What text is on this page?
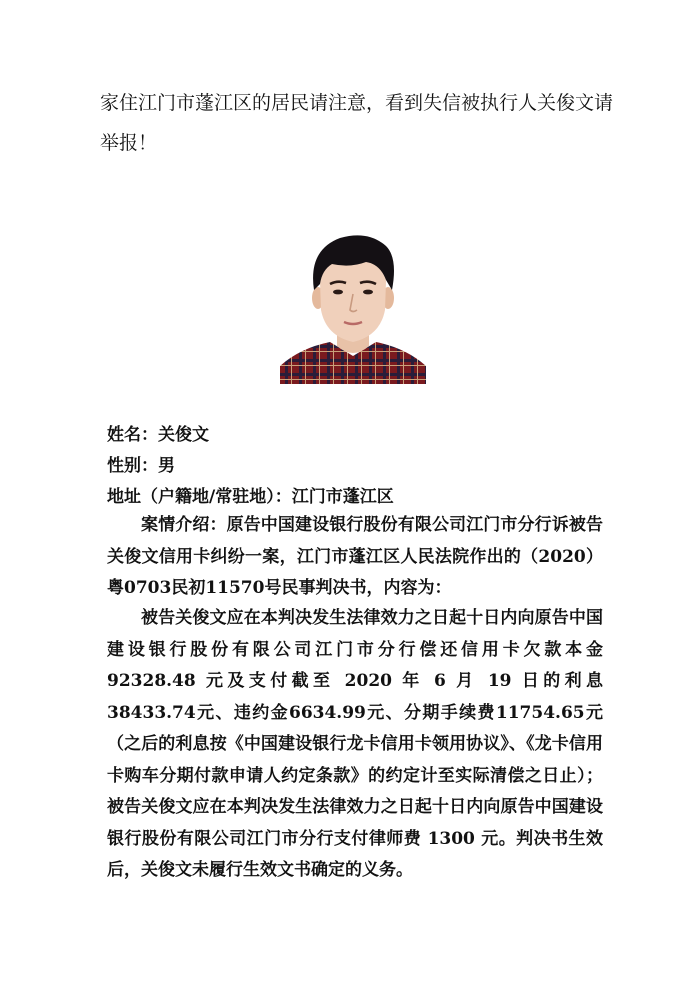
家住江门市蓬江区的居民请注意，看到失信被执行人关俊文请举报！
姓名：关俊文
性别：男
地址（户籍地/常驻地）：江门市蓬江区
案情介绍：原告中国建设银行股份有限公司江门市分行诉被告关俊文信用卡纠纷一案，江门市蓬江区人民法院作出的（2020）粤0703民初11570号民事判决书，内容为：
被告关俊文应在本判决发生法律效力之日起十日内向原告中国建设银行股份有限公司江门市分行偿还信用卡欠款本金 92328.48 元及支付截至 2020 年 6 月 19 日的利息38433.74元、违约金6634.99元、分期手续费11754.65元（之后的利息按《中国建设银行龙卡信用卡领用协议》、《龙卡信用卡购车分期付款申请人约定条款》的约定计至实际清偿之日止）；被告关俊文应在本判决发生法律效力之日起十日内向原告中国建设银行股份有限公司江门市分行支付律师费 1300 元。判决书生效后，关俊文未履行生效文书确定的义务。
